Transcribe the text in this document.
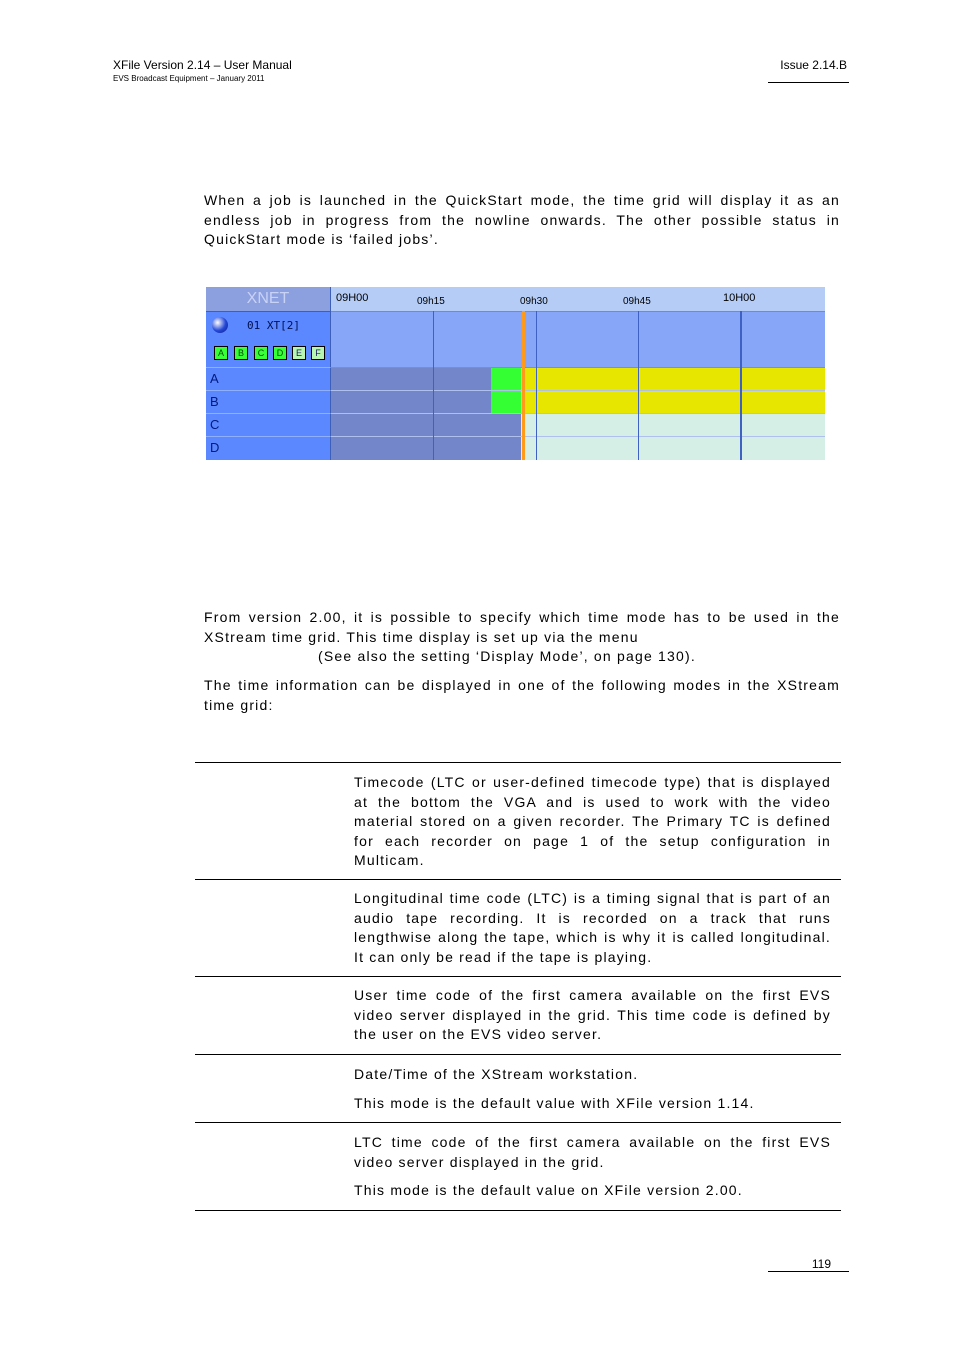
XFile Version 2.14 – User Manual
EVS Broadcast Equipment – January 2011
Issue 2.14.B

When a job is launched in the QuickStart mode, the time grid will display it as an endless job in progress from the nowline onwards. The other possible status in QuickStart mode is ‘failed jobs’.

XNET	09H00	09h15	09h30	09h45	10H00
01 XT[2]
A	B	C	D	E	F
A
B
C
D

From version 2.00, it is possible to specify which time mode has to be used in the XStream time grid. This time display is set up via the menu

(See also the setting ‘Display Mode’, on page 130).

The time information can be displayed in one of the following modes in the XStream time grid:

Timecode (LTC or user-defined timecode type) that is displayed at the bottom the VGA and is used to work with the video material stored on a given recorder. The Primary TC is defined for each recorder on page 1 of the setup configuration in Multicam.

Longitudinal time code (LTC) is a timing signal that is part of an audio tape recording. It is recorded on a track that runs lengthwise along the tape, which is why it is called longitudinal. It can only be read if the tape is playing.

User time code of the first camera available on the first EVS video server displayed in the grid. This time code is defined by the user on the EVS video server.

Date/Time of the XStream workstation.

This mode is the default value with XFile version 1.14.

LTC time code of the first camera available on the first EVS video server displayed in the grid.

This mode is the default value on XFile version 2.00.

119
